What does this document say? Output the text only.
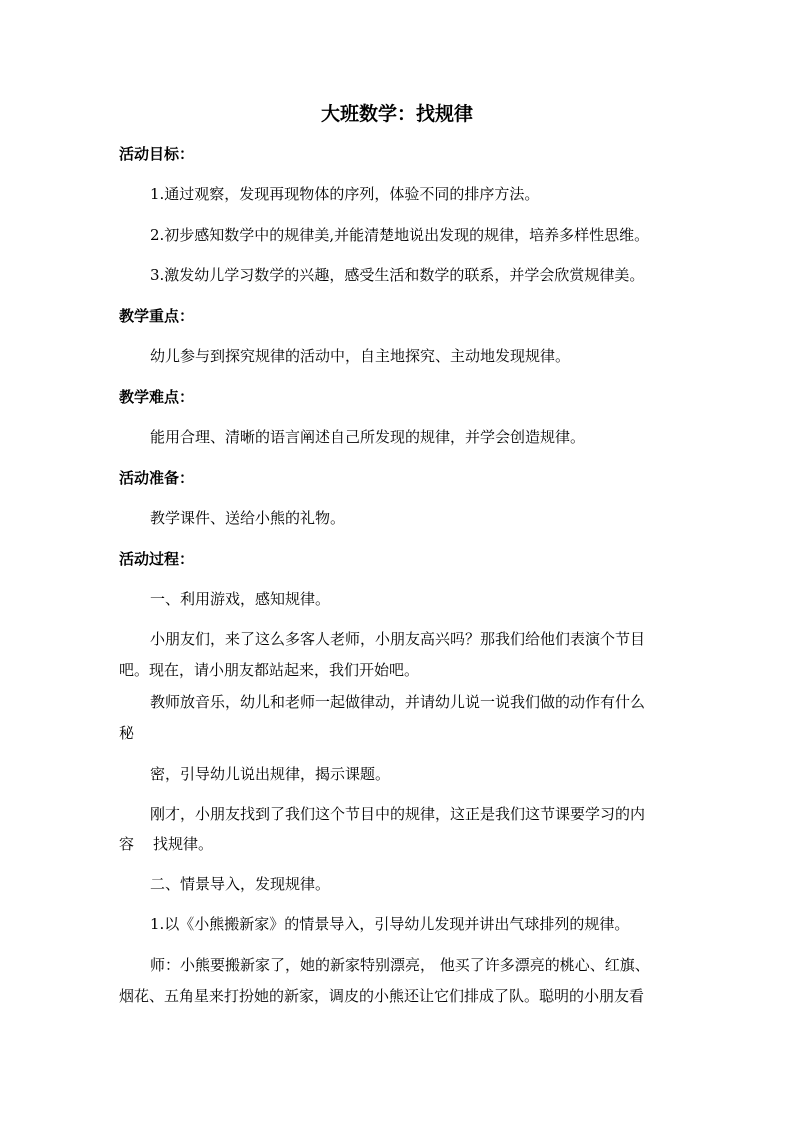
大班数学：找规律
活动目标：
1.通过观察，发现再现物体的序列，体验不同的排序方法。
2.初步感知数学中的规律美,并能清楚地说出发现的规律，培养多样性思维。
3.激发幼儿学习数学的兴趣，感受生活和数学的联系，并学会欣赏规律美。
教学重点：
幼儿参与到探究规律的活动中，自主地探究、主动地发现规律。
教学难点：
能用合理、清晰的语言阐述自己所发现的规律，并学会创造规律。
活动准备：
教学课件、送给小熊的礼物。
活动过程：
一、利用游戏，感知规律。
小朋友们，来了这么多客人老师，小朋友高兴吗？那我们给他们表演个节目
吧。现在，请小朋友都站起来，我们开始吧。
教师放音乐，幼儿和老师一起做律动，并请幼儿说一说我们做的动作有什么
秘
密，引导幼儿说出规律，揭示课题。
刚才，小朋友找到了我们这个节目中的规律，这正是我们这节课要学习的内
容 找规律。
二、情景导入，发现规律。
1.以《小熊搬新家》的情景导入，引导幼儿发现并讲出气球排列的规律。
师：小熊要搬新家了，她的新家特别漂亮， 他买了许多漂亮的桃心、红旗、
烟花、五角星来打扮她的新家，调皮的小熊还让它们排成了队。聪明的小朋友看
